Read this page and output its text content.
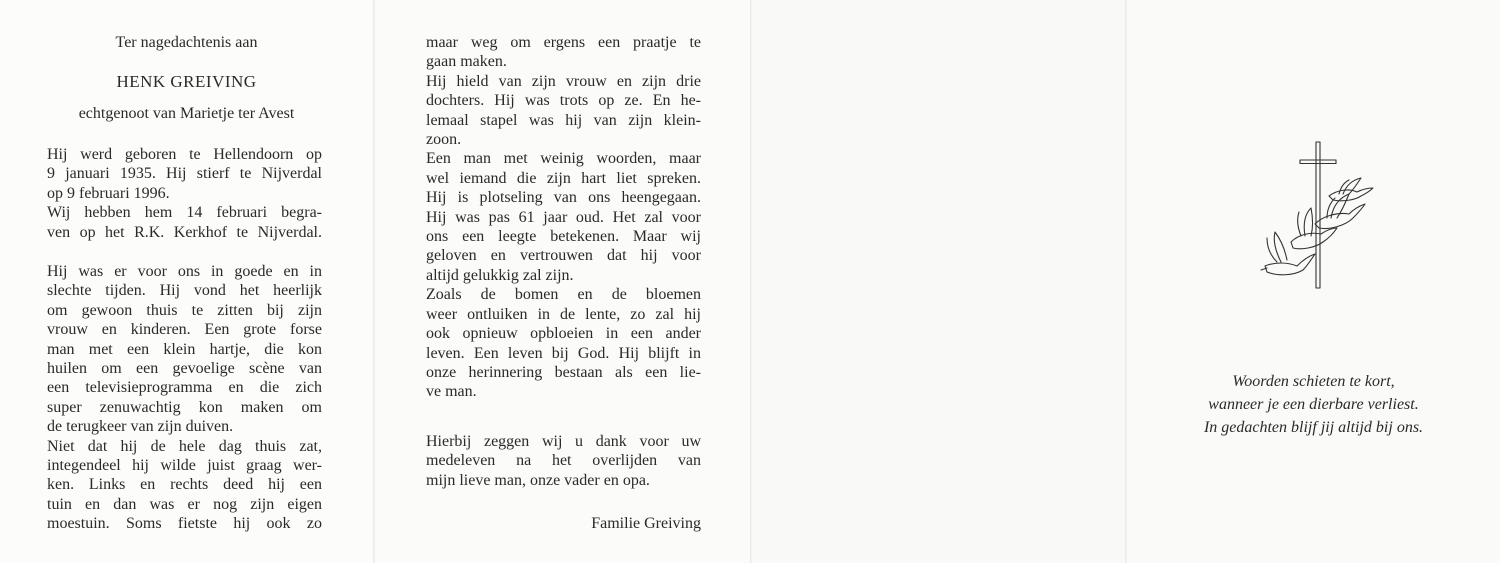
Ter nagedachtenis aan
HENK GREIVING
echtgenoot van Marietje ter Avest
Hij werd geboren te Hellendoorn op
9 januari 1935. Hij stierf te Nijverdal
op 9 februari 1996.
Wij hebben hem 14 februari begra-
ven op het R.K. Kerkhof te Nijverdal.
Hij was er voor ons in goede en in
slechte tijden. Hij vond het heerlijk
om gewoon thuis te zitten bij zijn
vrouw en kinderen. Een grote forse
man met een klein hartje, die kon
huilen om een gevoelige scène van
een televisieprogramma en die zich
super zenuwachtig kon maken om
de terugkeer van zijn duiven.
Niet dat hij de hele dag thuis zat,
integendeel hij wilde juist graag wer-
ken. Links en rechts deed hij een
tuin en dan was er nog zijn eigen
moestuin. Soms fietste hij ook zo
maar weg om ergens een praatje te
gaan maken.
Hij hield van zijn vrouw en zijn drie
dochters. Hij was trots op ze. En he-
lemaal stapel was hij van zijn klein-
zoon.
Een man met weinig woorden, maar
wel iemand die zijn hart liet spreken.
Hij is plotseling van ons heengegaan.
Hij was pas 61 jaar oud. Het zal voor
ons een leegte betekenen. Maar wij
geloven en vertrouwen dat hij voor
altijd gelukkig zal zijn.
Zoals de bomen en de bloemen
weer ontluiken in de lente, zo zal hij
ook opnieuw opbloeien in een ander
leven. Een leven bij God. Hij blijft in
onze herinnering bestaan als een lie-
ve man.
Hierbij zeggen wij u dank voor uw
medeleven na het overlijden van
mijn lieve man, onze vader en opa.
Familie Greiving
Woorden schieten te kort,
wanneer je een dierbare verliest.
In gedachten blijf jij altijd bij ons.
